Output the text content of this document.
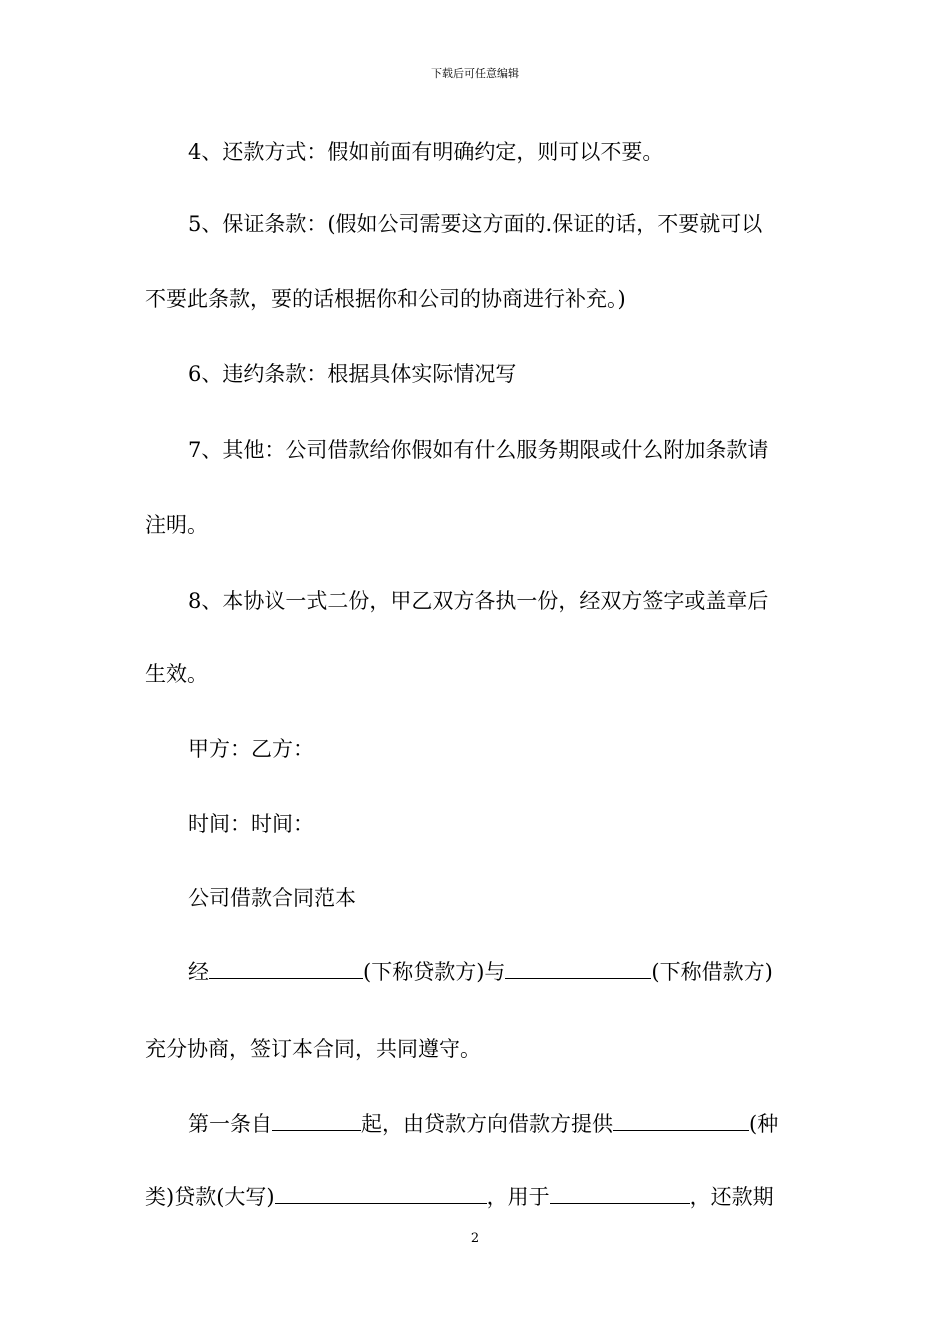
下载后可任意编辑
4、还款方式：假如前面有明确约定，则可以不要。
5、保证条款：(假如公司需要这方面的.保证的话，不要就可以
不要此条款，要的话根据你和公司的协商进行补充。)
6、违约条款：根据具体实际情况写
7、其他：公司借款给你假如有什么服务期限或什么附加条款请
注明。
8、本协议一式二份，甲乙双方各执一份，经双方签字或盖章后
生效。
甲方：乙方：
时间：时间：
公司借款合同范本
经	(下称贷款方)与	(下称借款方)
充分协商，签订本合同，共同遵守。
第一条自	起，由贷款方向借款方提供	(种
类)贷款(大写)	，用于	，还款期
2
